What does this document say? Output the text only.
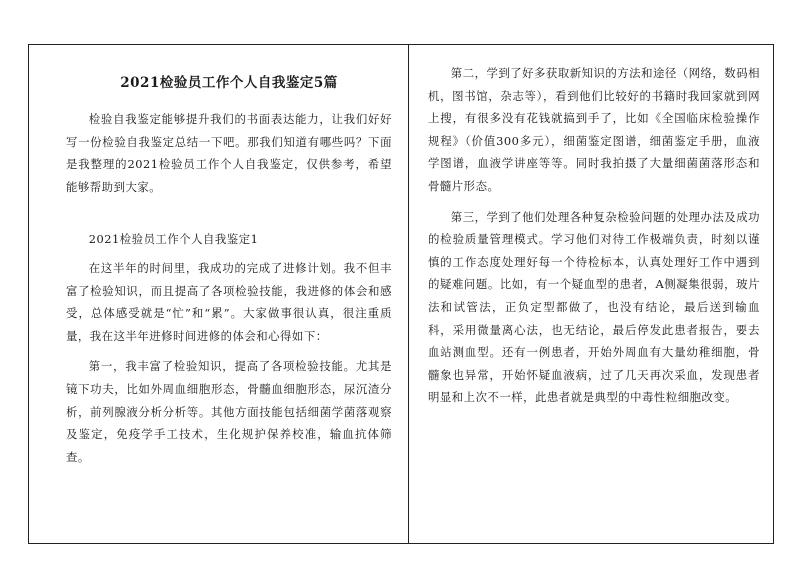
2021检验员工作个人自我鉴定5篇

检验自我鉴定能够提升我们的书面表达能力，让我们好好写一份检验自我鉴定总结一下吧。那我们知道有哪些吗？下面是我整理的2021检验员工作个人自我鉴定，仅供参考，希望能够帮助到大家。

2021检验员工作个人自我鉴定1

在这半年的时间里，我成功的完成了进修计划。我不但丰富了检验知识，而且提高了各项检验技能，我进修的体会和感受，总体感受就是“忙”和“累”。大家做事很认真，很注重质量，我在这半年进修时间进修的体会和心得如下：

第一，我丰富了检验知识，提高了各项检验技能。尤其是镜下功夫，比如外周血细胞形态，骨髓血细胞形态，尿沉渣分析，前列腺液分析分析等。其他方面技能包括细菌学菌落观察及鉴定，免疫学手工技术，生化规护保养校准，输血抗体筛查。

第二，学到了好多获取新知识的方法和途径（网络，数码相机，图书馆，杂志等），看到他们比较好的书籍时我回家就到网上搜，有很多没有花钱就搞到手了，比如《全国临床检验操作规程》（价值300多元），细菌鉴定图谱，细菌鉴定手册，血液学图谱，血液学讲座等等。同时我拍摄了大量细菌菌落形态和骨髓片形态。

第三，学到了他们处理各种复杂检验问题的处理办法及成功的检验质量管理模式。学习他们对待工作极端负责，时刻以谨慎的工作态度处理好每一个待检标本，认真处理好工作中遇到的疑难问题。比如，有一个疑血型的患者，A侧凝集很弱，玻片法和试管法，正负定型都做了，也没有结论，最后送到输血科，采用微量离心法，也无结论，最后停发此患者报告，要去血站测血型。还有一例患者，开始外周血有大量幼稚细胞，骨髓象也异常，开始怀疑血液病，过了几天再次采血，发现患者明显和上次不一样，此患者就是典型的中毒性粒细胞改变。
